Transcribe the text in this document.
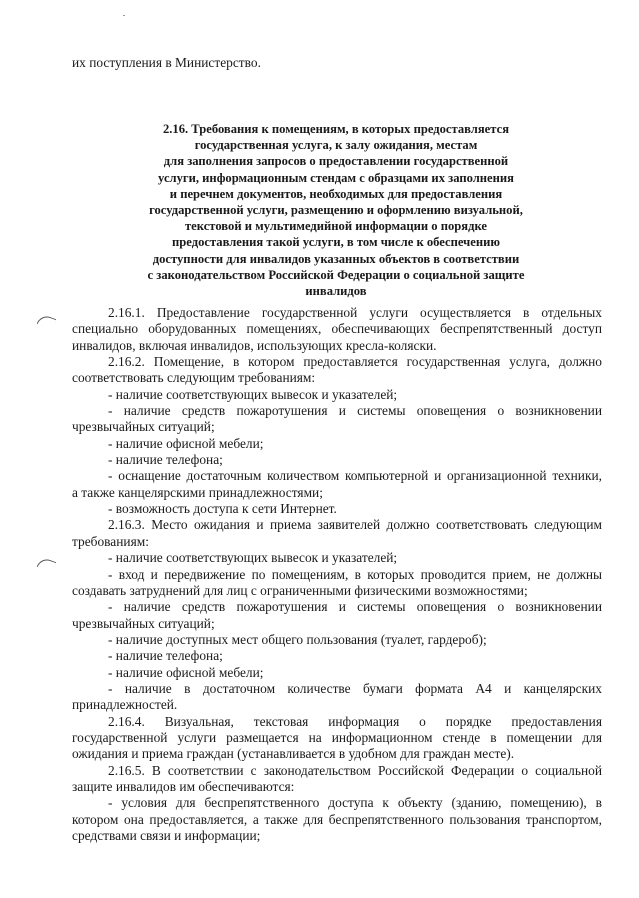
их поступления в Министерство.
2.16. Требования к помещениям, в которых предоставляется
государственная услуга, к залу ожидания, местам
для заполнения запросов о предоставлении государственной
услуги, информационным стендам с образцами их заполнения
и перечнем документов, необходимых для предоставления
государственной услуги, размещению и оформлению визуальной,
текстовой и мультимедийной информации о порядке
предоставления такой услуги, в том числе к обеспечению
доступности для инвалидов указанных объектов в соответствии
с законодательством Российской Федерации о социальной защите
инвалидов
2.16.1. Предоставление государственной услуги осуществляется в отдельных
специально оборудованных помещениях, обеспечивающих беспрепятственный доступ
инвалидов, включая инвалидов, использующих кресла-коляски.
2.16.2. Помещение, в котором предоставляется государственная услуга, должно
соответствовать следующим требованиям:
- наличие соответствующих вывесок и указателей;
- наличие средств пожаротушения и системы оповещения о возникновении
чрезвычайных ситуаций;
- наличие офисной мебели;
- наличие телефона;
- оснащение достаточным количеством компьютерной и организационной техники,
а также канцелярскими принадлежностями;
- возможность доступа к сети Интернет.
2.16.3. Место ожидания и приема заявителей должно соответствовать следующим
требованиям:
- наличие соответствующих вывесок и указателей;
- вход и передвижение по помещениям, в которых проводится прием, не должны
создавать затруднений для лиц с ограниченными физическими возможностями;
- наличие средств пожаротушения и системы оповещения о возникновении
чрезвычайных ситуаций;
- наличие доступных мест общего пользования (туалет, гардероб);
- наличие телефона;
- наличие офисной мебели;
- наличие в достаточном количестве бумаги формата А4 и канцелярских
принадлежностей.
2.16.4. Визуальная, текстовая информация о порядке предоставления
государственной услуги размещается на информационном стенде в помещении для
ожидания и приема граждан (устанавливается в удобном для граждан месте).
2.16.5. В соответствии с законодательством Российской Федерации о социальной
защите инвалидов им обеспечиваются:
- условия для беспрепятственного доступа к объекту (зданию, помещению), в
котором она предоставляется, а также для беспрепятственного пользования транспортом,
средствами связи и информации;
